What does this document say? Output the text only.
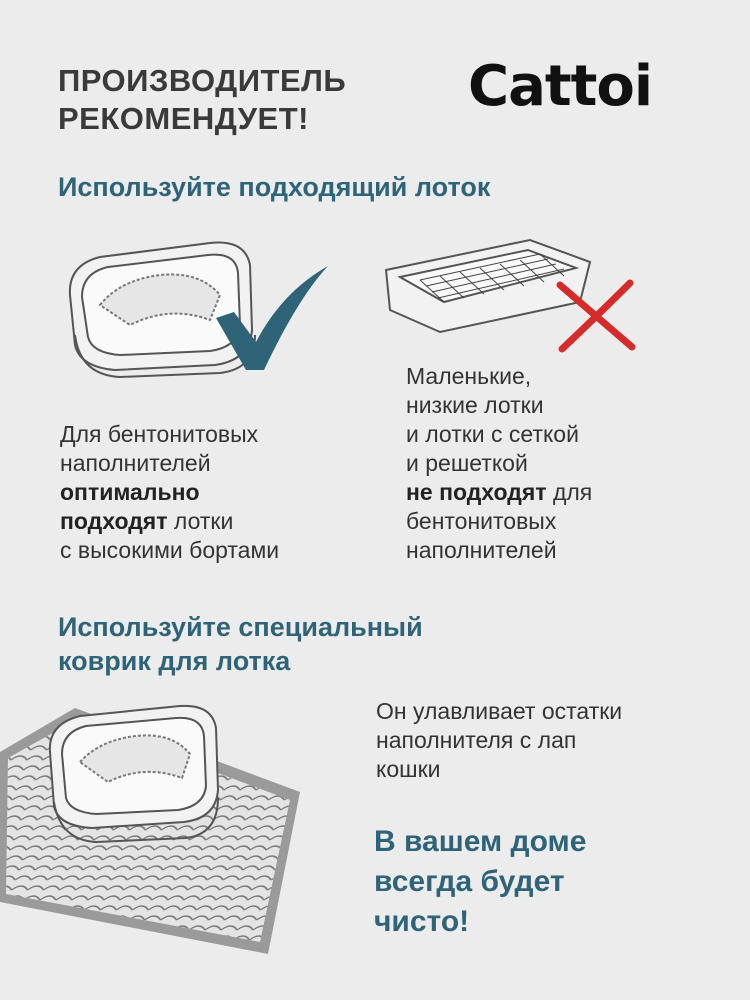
ПРОИЗВОДИТЕЛЬ
РЕКОМЕНДУЕТ!	Cattoi
Используйте подходящий лоток
Для бентонитовых
наполнителей
оптимально
подходят лотки
с высокими бортами
Маленькие,
низкие лотки
и лотки с сеткой
и решеткой
не подходят для
бентонитовых
наполнителей
Используйте специальный
коврик для лотка
Он улавливает остатки
наполнителя с лап
кошки
В вашем доме
всегда будет
чисто!
